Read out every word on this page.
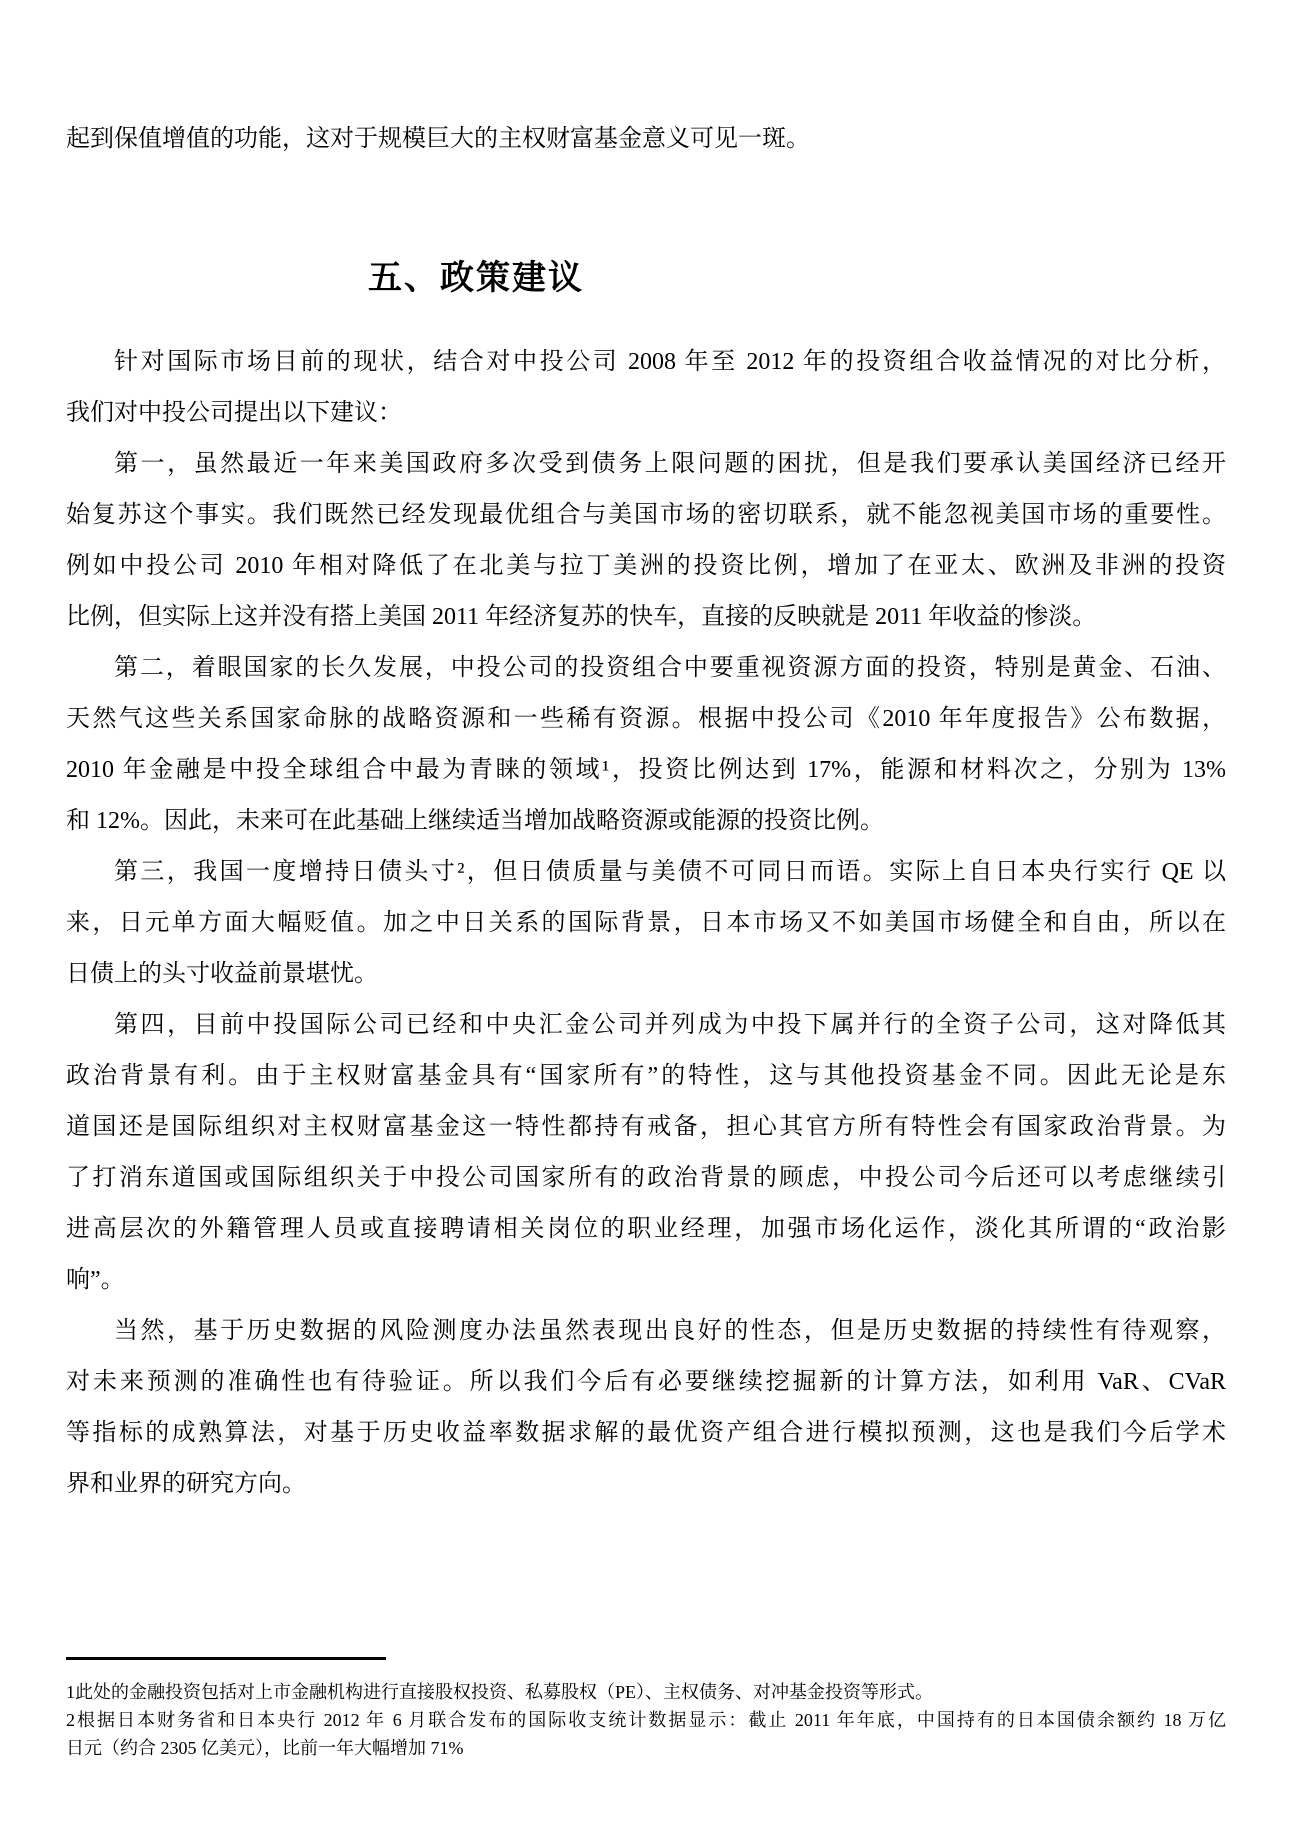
起到保值增值的功能，这对于规模巨大的主权财富基金意义可见一斑。

五、政策建议
针对国际市场目前的现状，结合对中投公司 2008 年至 2012 年的投资组合收益情况的对比分析，
我们对中投公司提出以下建议：
第一，虽然最近一年来美国政府多次受到债务上限问题的困扰，但是我们要承认美国经济已经开
始复苏这个事实。我们既然已经发现最优组合与美国市场的密切联系，就不能忽视美国市场的重要性。
例如中投公司 2010 年相对降低了在北美与拉丁美洲的投资比例，增加了在亚太、欧洲及非洲的投资
比例，但实际上这并没有搭上美国 2011 年经济复苏的快车，直接的反映就是 2011 年收益的惨淡。
第二，着眼国家的长久发展，中投公司的投资组合中要重视资源方面的投资，特别是黄金、石油、
天然气这些关系国家命脉的战略资源和一些稀有资源。根据中投公司《2010 年年度报告》公布数据，
2010 年金融是中投全球组合中最为青睐的领域¹，投资比例达到 17%，能源和材料次之，分别为 13%
和 12%。因此，未来可在此基础上继续适当增加战略资源或能源的投资比例。
第三，我国一度增持日债头寸²，但日债质量与美债不可同日而语。实际上自日本央行实行 QE 以
来，日元单方面大幅贬值。加之中日关系的国际背景，日本市场又不如美国市场健全和自由，所以在
日债上的头寸收益前景堪忧。
第四，目前中投国际公司已经和中央汇金公司并列成为中投下属并行的全资子公司，这对降低其
政治背景有利。由于主权财富基金具有“国家所有”的特性，这与其他投资基金不同。因此无论是东
道国还是国际组织对主权财富基金这一特性都持有戒备，担心其官方所有特性会有国家政治背景。为
了打消东道国或国际组织关于中投公司国家所有的政治背景的顾虑，中投公司今后还可以考虑继续引
进高层次的外籍管理人员或直接聘请相关岗位的职业经理，加强市场化运作，淡化其所谓的“政治影
响”。
当然，基于历史数据的风险测度办法虽然表现出良好的性态，但是历史数据的持续性有待观察，
对未来预测的准确性也有待验证。所以我们今后有必要继续挖掘新的计算方法，如利用 VaR、CVaR
等指标的成熟算法，对基于历史收益率数据求解的最优资产组合进行模拟预测，这也是我们今后学术
界和业界的研究方向。
1此处的金融投资包括对上市金融机构进行直接股权投资、私募股权（PE）、主权债务、对冲基金投资等形式。
2根据日本财务省和日本央行 2012 年 6 月联合发布的国际收支统计数据显示：截止 2011 年年底，中国持有的日本国债余额约 18 万亿
日元（约合 2305 亿美元），比前一年大幅增加 71%
